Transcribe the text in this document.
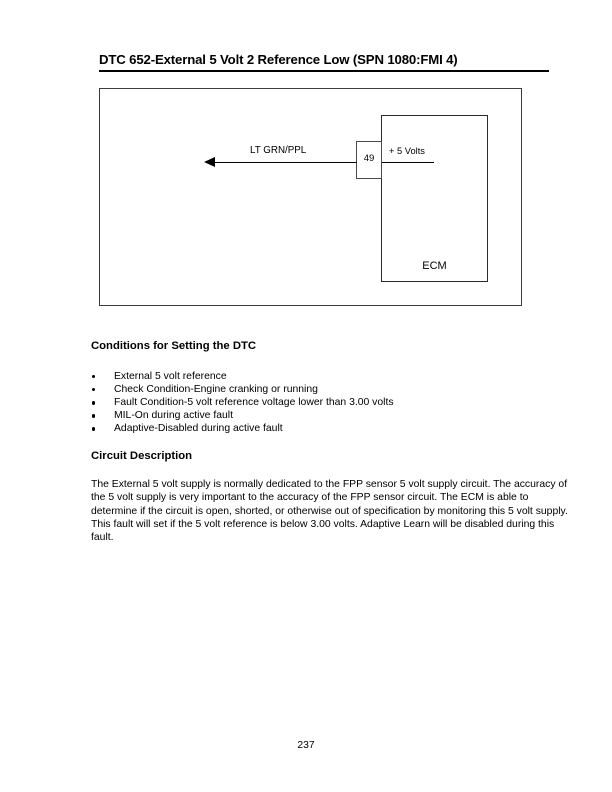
DTC 652-External 5 Volt 2 Reference Low (SPN 1080:FMI 4)
+ 5 Volts
ECM
49
LT GRN/PPL
Conditions for Setting the DTC
External 5 volt reference
Check Condition-Engine cranking or running
Fault Condition-5 volt reference voltage lower than 3.00 volts
MIL-On during active fault
Adaptive-Disabled during active fault
Circuit Description
The External 5 volt supply is normally dedicated to the FPP sensor 5 volt supply circuit. The accuracy of the 5 volt supply is very important to the accuracy of the FPP sensor circuit. The ECM is able to determine if the circuit is open, shorted, or otherwise out of specification by monitoring this 5 volt supply. This fault will set if the 5 volt reference is below 3.00 volts. Adaptive Learn will be disabled during this fault.
237
